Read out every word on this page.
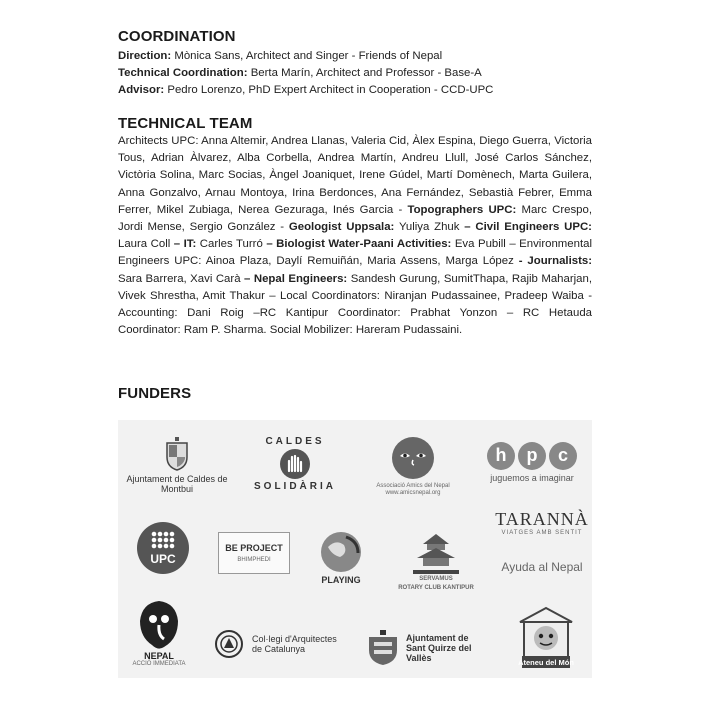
COORDINATION

Direction: Mònica Sans, Architect and Singer - Friends of Nepal

Technical Coordination: Berta Marín, Architect and Professor - Base-A

Advisor: Pedro Lorenzo, PhD Expert Architect in Cooperation - CCD-UPC

TECHNICAL TEAM

Architects UPC: Anna Altemir, Andrea Llanas, Valeria Cid, Àlex Espina, Diego Guerra, Victoria Tous, Adrian Àlvarez, Alba Corbella, Andrea Martín, Andreu Llull, José Carlos Sánchez, Victòria Solina, Marc Socias, Àngel Joaniquet, Irene Gúdel, Martí Domènech, Marta Guilera, Anna Gonzalvo, Arnau Montoya, Irina Berdonces, Ana Fernández, Sebastià Febrer, Emma Ferrer, Mikel Zubiaga, Nerea Gezuraga, Inés Garcia - Topographers UPC: Marc Crespo, Jordi Mense, Sergio González - Geologist Uppsala: Yuliya Zhuk – Civil Engineers UPC: Laura Coll – IT: Carles Turró – Biologist Water-Paani Activities: Eva Pubill – Environmental Engineers UPC: Ainoa Plaza, Daylí Remuiñán, Maria Assens, Marga López - Journalists: Sara Barrera, Xavi Carà – Nepal Engineers: Sandesh Gurung, SumitThapa, Rajib Maharjan, Vivek Shrestha, Amit Thakur – Local Coordinators: Niranjan Pudassainee, Pradeep Waiba - Accounting: Dani Roig –RC Kantipur Coordinator: Prabhat Yonzon – RC Hetauda Coordinator: Ram P. Sharma. Social Mobilizer: Hareram Pudassaini.

FUNDERS
Ajuntament de Caldes de Montbui
CALDES
SOLIDÀRIA	Associació Amics del Nepal
www.amicsnepal.org
h	p	c
juguemos a imaginar
UPC
BE PROJECT
BHIMPHEDI
PLAYING	SERVAMUS
ROTARY CLUB KANTIPUR
TARANNÀ
VIATGES AMB SENTIT
Ayuda al Nepal
NEPAL
ACCIÓ IMMEDIATA
Col·legi d'Arquitectes de Catalunya
Ajuntament de Sant Quirze del Vallès	Ateneu del Món
